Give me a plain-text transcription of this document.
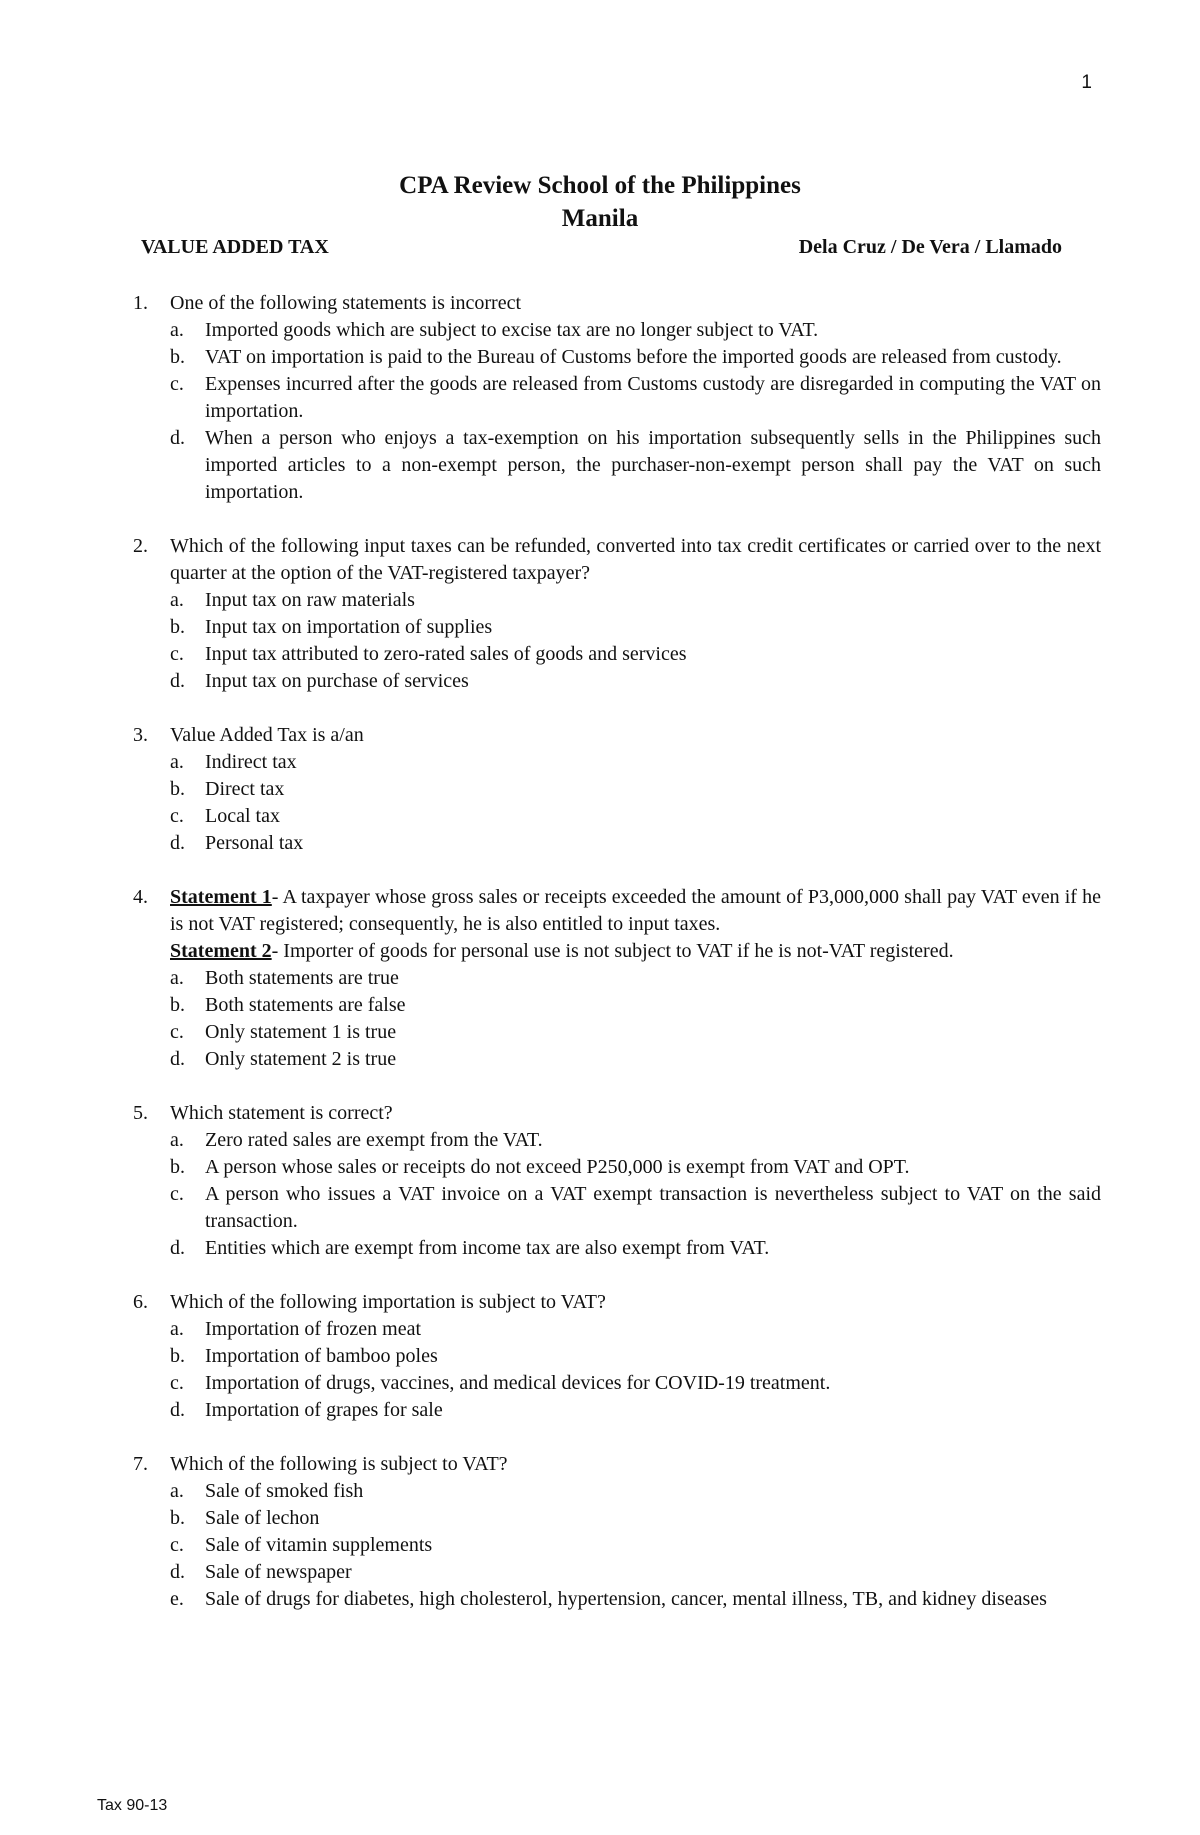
1
CPA Review School of the Philippines
Manila
VALUE ADDED TAX	Dela Cruz / De Vera / Llamado
1. One of the following statements is incorrect
a. Imported goods which are subject to excise tax are no longer subject to VAT.
b. VAT on importation is paid to the Bureau of Customs before the imported goods are released from custody.
c. Expenses incurred after the goods are released from Customs custody are disregarded in computing the VAT on importation.
d. When a person who enjoys a tax-exemption on his importation subsequently sells in the Philippines such imported articles to a non-exempt person, the purchaser-non-exempt person shall pay the VAT on such importation.
2. Which of the following input taxes can be refunded, converted into tax credit certificates or carried over to the next quarter at the option of the VAT-registered taxpayer?
a. Input tax on raw materials
b. Input tax on importation of supplies
c. Input tax attributed to zero-rated sales of goods and services
d. Input tax on purchase of services
3. Value Added Tax is a/an
a. Indirect tax
b. Direct tax
c. Local tax
d. Personal tax
4. Statement 1- A taxpayer whose gross sales or receipts exceeded the amount of P3,000,000 shall pay VAT even if he is not VAT registered; consequently, he is also entitled to input taxes.
Statement 2- Importer of goods for personal use is not subject to VAT if he is not-VAT registered.
a. Both statements are true
b. Both statements are false
c. Only statement 1 is true
d. Only statement 2 is true
5. Which statement is correct?
a. Zero rated sales are exempt from the VAT.
b. A person whose sales or receipts do not exceed P250,000 is exempt from VAT and OPT.
c. A person who issues a VAT invoice on a VAT exempt transaction is nevertheless subject to VAT on the said transaction.
d. Entities which are exempt from income tax are also exempt from VAT.
6. Which of the following importation is subject to VAT?
a. Importation of frozen meat
b. Importation of bamboo poles
c. Importation of drugs, vaccines, and medical devices for COVID-19 treatment.
d. Importation of grapes for sale
7. Which of the following is subject to VAT?
a. Sale of smoked fish
b. Sale of lechon
c. Sale of vitamin supplements
d. Sale of newspaper
e. Sale of drugs for diabetes, high cholesterol, hypertension, cancer, mental illness, TB, and kidney diseases
Tax 90-13
